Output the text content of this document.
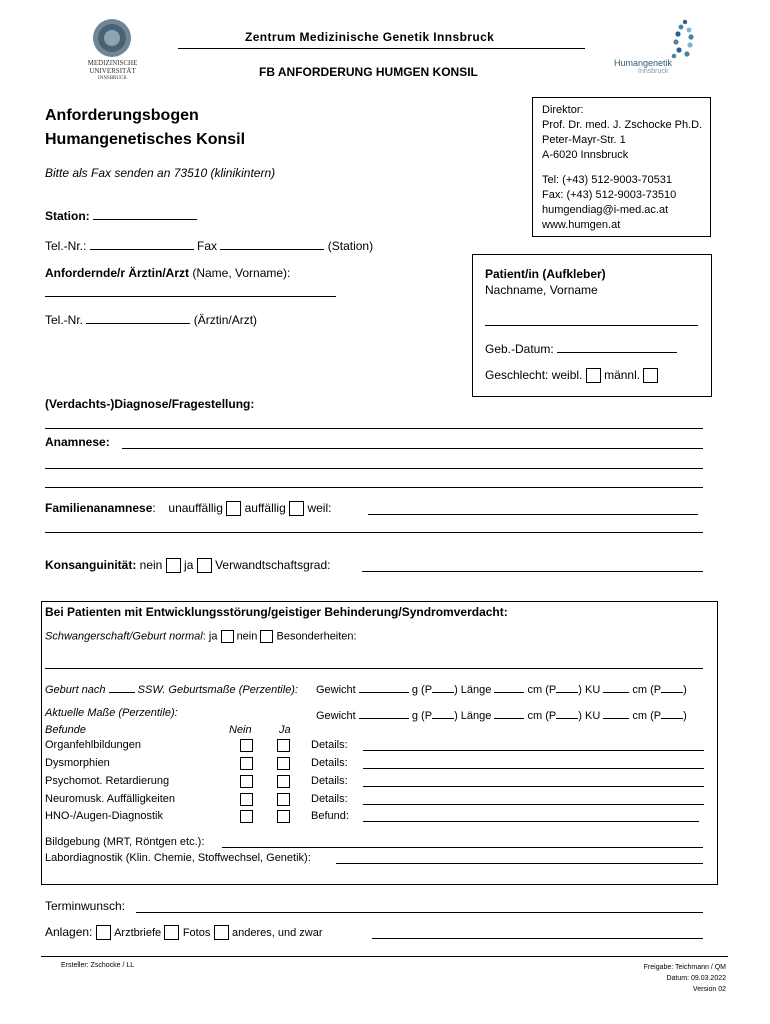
MEDIZINISCHE
UNIVERSITÄT
INNSBRUCK
Zentrum Medizinische Genetik Innsbruck
FB ANFORDERUNG HUMGEN KONSIL
Humangenetik
Innsbruck
Anforderungsbogen
Humangenetisches Konsil
Bitte als Fax senden an 73510 (klinikintern)
Direktor:
Prof. Dr. med. J. Zschocke Ph.D.
Peter-Mayr-Str. 1
A-6020 Innsbruck
Tel: (+43) 512-9003-70531
Fax: (+43) 512-9003-73510
humgendiag@i-med.ac.at
www.humgen.at
Station:
Tel.-Nr.:	Fax	(Station)
Anfordernde/r Ärztin/Arzt (Name, Vorname):
Tel.-Nr.	(Ärztin/Arzt)
Patient/in (Aufkleber)
Nachname, Vorname
Geb.-Datum:
Geschlecht: weibl. männl.
(Verdachts-)Diagnose/Fragestellung:
Anamnese:
Familienanamnese:  unauffällig auffällig weil:
Konsanguinität: nein ja Verwandtschaftsgrad:
Bei Patienten mit Entwicklungsstörung/geistiger Behinderung/Syndromverdacht:
Schwangerschaft/Geburt normal: ja nein Besonderheiten:
Geburt nach	SSW. Geburtsmaße (Perzentile): Gewicht	g (P ) Länge	cm (P ) KU	cm (P )
Aktuelle Maße (Perzentile):	Gewicht	g (P ) Länge	cm (P ) KU	cm (P )
Befunde	Nein Ja
Organfehlbildungen	Details:
Dysmorphien	Details:
Psychomot. Retardierung	Details:
Neuromusk. Auffälligkeiten	Details:
HNO-/Augen-Diagnostik	Befund:
Bildgebung (MRT, Röntgen etc.):
Labordiagnostik (Klin. Chemie, Stoffwechsel, Genetik):
Terminwunsch:
Anlagen: Arztbriefe Fotos anderes, und zwar
Ersteller: Zschocke / LL	Freigabe: Teichmann / QM
Datum: 09.03.2022
Version 02
